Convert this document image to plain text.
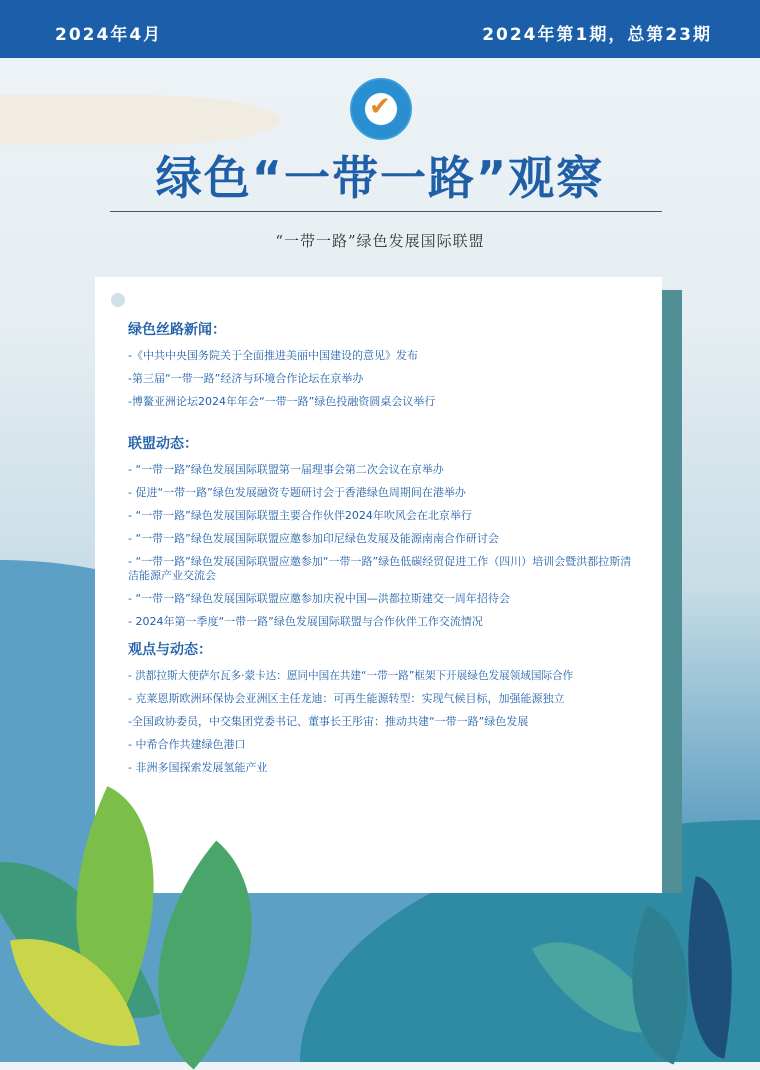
2024年4月	2024年第1期，总第23期
✔
绿色“一带一路”观察
“一带一路”绿色发展国际联盟
绿色丝路新闻：
-《中共中央国务院关于全面推进美丽中国建设的意见》发布
-第三届“一带一路”经济与环境合作论坛在京举办
-博鳌亚洲论坛2024年年会“一带一路”绿色投融资圆桌会议举行
联盟动态：
- “一带一路”绿色发展国际联盟第一届理事会第二次会议在京举办
- 促进“一带一路”绿色发展融资专题研讨会于香港绿色周期间在港举办
- “一带一路”绿色发展国际联盟主要合作伙伴2024年吹风会在北京举行
- “一带一路”绿色发展国际联盟应邀参加印尼绿色发展及能源南南合作研讨会
- “一带一路”绿色发展国际联盟应邀参加“一带一路”绿色低碳经贸促进工作（四川）培训会暨洪都拉斯清洁能源产业交流会
- “一带一路”绿色发展国际联盟应邀参加庆祝中国—洪都拉斯建交一周年招待会
- 2024年第一季度“一带一路”绿色发展国际联盟与合作伙伴工作交流情况
观点与动态：
- 洪都拉斯大使萨尔瓦多·蒙卡达：愿同中国在共建“一带一路”框架下开展绿色发展领域国际合作
- 克莱恩斯欧洲环保协会亚洲区主任龙迪：可再生能源转型：实现气候目标，加强能源独立
-全国政协委员，中交集团党委书记、董事长王彤宙：推动共建“一带一路”绿色发展
- 中希合作共建绿色港口
- 非洲多国探索发展氢能产业
